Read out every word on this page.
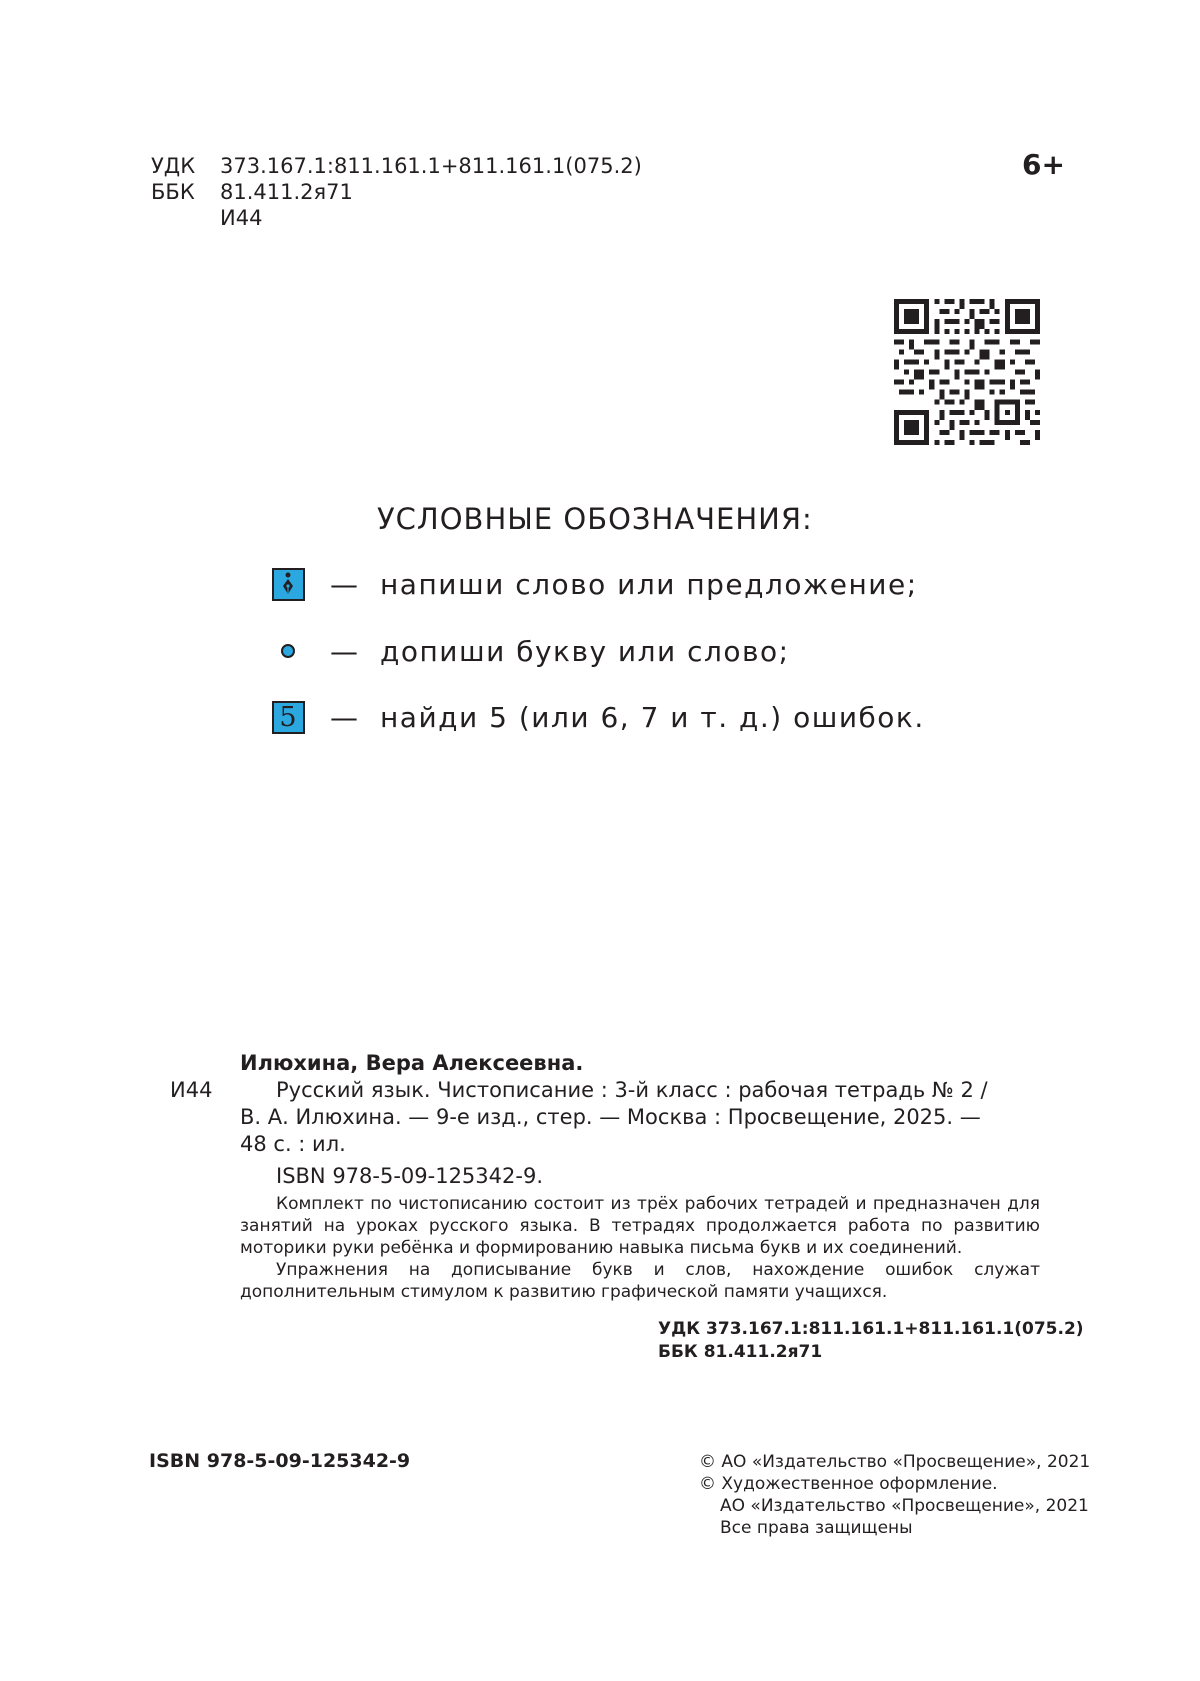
УДК 373.167.1:811.161.1+811.161.1(075.2)
ББК 81.411.2я71
И44
6+
УСЛОВНЫЕ ОБОЗНАЧЕНИЯ:
— напиши слово или предложение;
— допиши букву или слово;
5 — найди 5 (или 6, 7 и т. д.) ошибок.
Илюхина, Вера Алексеевна.
И44	Русский язык. Чистописание : 3-й класс : рабочая тетрадь № 2 /
В. А. Илюхина. — 9-е изд., стер. — Москва : Просвещение, 2025. —
48 с. : ил.
ISBN 978-5-09-125342-9.
Комплект по чистописанию состоит из трёх рабочих тетрадей и предназначен для занятий на уроках русского языка. В тетрадях продолжается работа по развитию моторики руки ребёнка и формированию навыка письма букв и их соединений.
Упражнения на дописывание букв и слов, нахождение ошибок служат дополнительным стимулом к развитию графической памяти учащихся.
УДК 373.167.1:811.161.1+811.161.1(075.2)
ББК 81.411.2я71
ISBN 978-5-09-125342-9	© АО «Издательство «Просвещение», 2021
© Художественное оформление.
АО «Издательство «Просвещение», 2021
Все права защищены
